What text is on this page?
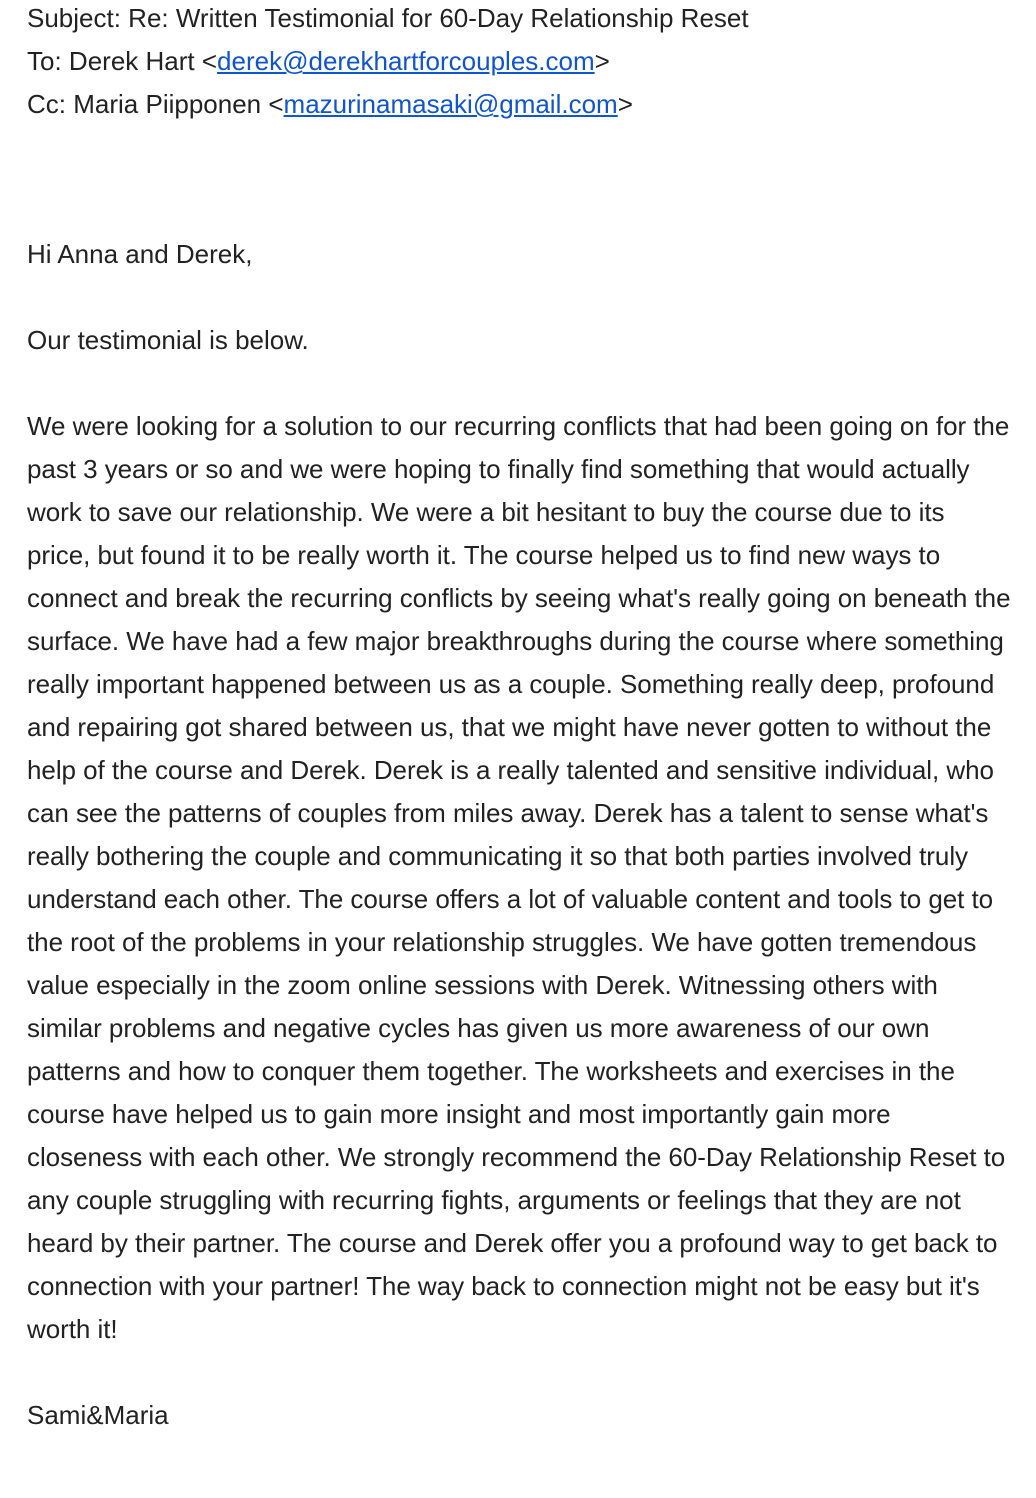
Subject: Re: Written Testimonial for 60-Day Relationship Reset
To: Derek Hart <derek@derekhartforcouples.com>
Cc: Maria Piipponen <mazurinamasaki@gmail.com>
Hi Anna and Derek,
Our testimonial is below.
We were looking for a solution to our recurring conflicts that had been going on for the past 3 years or so and we were hoping to finally find something that would actually work to save our relationship. We were a bit hesitant to buy the course due to its price, but found it to be really worth it. The course helped us to find new ways to connect and break the recurring conflicts by seeing what's really going on beneath the surface. We have had a few major breakthroughs during the course where something really important happened between us as a couple. Something really deep, profound and repairing got shared between us, that we might have never gotten to without the help of the course and Derek. Derek is a really talented and sensitive individual, who can see the patterns of couples from miles away. Derek has a talent to sense what's really bothering the couple and communicating it so that both parties involved truly understand each other. The course offers a lot of valuable content and tools to get to the root of the problems in your relationship struggles. We have gotten tremendous value especially in the zoom online sessions with Derek. Witnessing others with similar problems and negative cycles has given us more awareness of our own patterns and how to conquer them together. The worksheets and exercises in the course have helped us to gain more insight and most importantly gain more closeness with each other. We strongly recommend the 60-Day Relationship Reset to any couple struggling with recurring fights, arguments or feelings that they are not heard by their partner. The course and Derek offer you a profound way to get back to connection with your partner! The way back to connection might not be easy but it's worth it!
Sami&Maria
